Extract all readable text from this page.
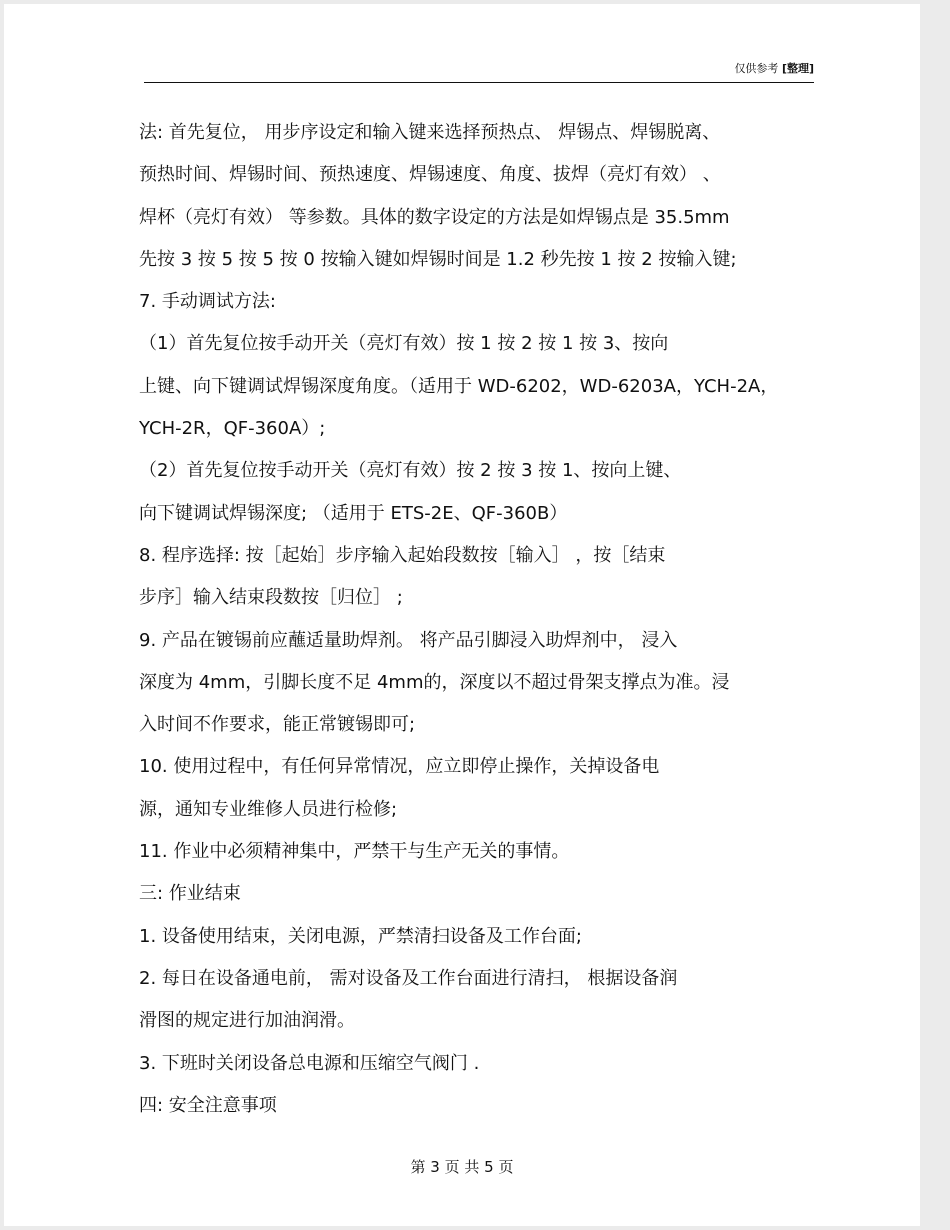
仅供参考 [整理]
法: 首先复位， 用步序设定和输入键来选择预热点、 焊锡点、焊锡脱离、
预热时间、焊锡时间、预热速度、焊锡速度、角度、拔焊（亮灯有效） 、
焊杯（亮灯有效） 等参数。具体的数字设定的方法是如焊锡点是 35.5mm
先按 3 按 5 按 5 按 0 按输入键如焊锡时间是 1.2 秒先按 1 按 2 按输入键;
7. 手动调试方法:
（1）首先复位按手动开关（亮灯有效）按 1 按 2 按 1 按 3、按向
上键、向下键调试焊锡深度角度。（适用于 WD-6202，WD-6203A，YCH-2A，
YCH-2R，QF-360A）;
（2）首先复位按手动开关（亮灯有效）按 2 按 3 按 1、按向上键、
向下键调试焊锡深度; （适用于 ETS-2E、QF-360B）
8. 程序选择: 按［起始］步序输入起始段数按［输入］ ，按［结束
步序］输入结束段数按［归位］ ;
9. 产品在镀锡前应蘸适量助焊剂。 将产品引脚浸入助焊剂中， 浸入
深度为 4mm，引脚长度不足 4mm的，深度以不超过骨架支撑点为准。浸
入时间不作要求，能正常镀锡即可;
10. 使用过程中，有任何异常情况，应立即停止操作，关掉设备电
源，通知专业维修人员进行检修;
11. 作业中必须精神集中，严禁干与生产无关的事情。
三: 作业结束
1. 设备使用结束，关闭电源，严禁清扫设备及工作台面;
2. 每日在设备通电前， 需对设备及工作台面进行清扫， 根据设备润
滑图的规定进行加油润滑。
3. 下班时关闭设备总电源和压缩空气阀门 .
四: 安全注意事项
第 3 页 共 5 页
